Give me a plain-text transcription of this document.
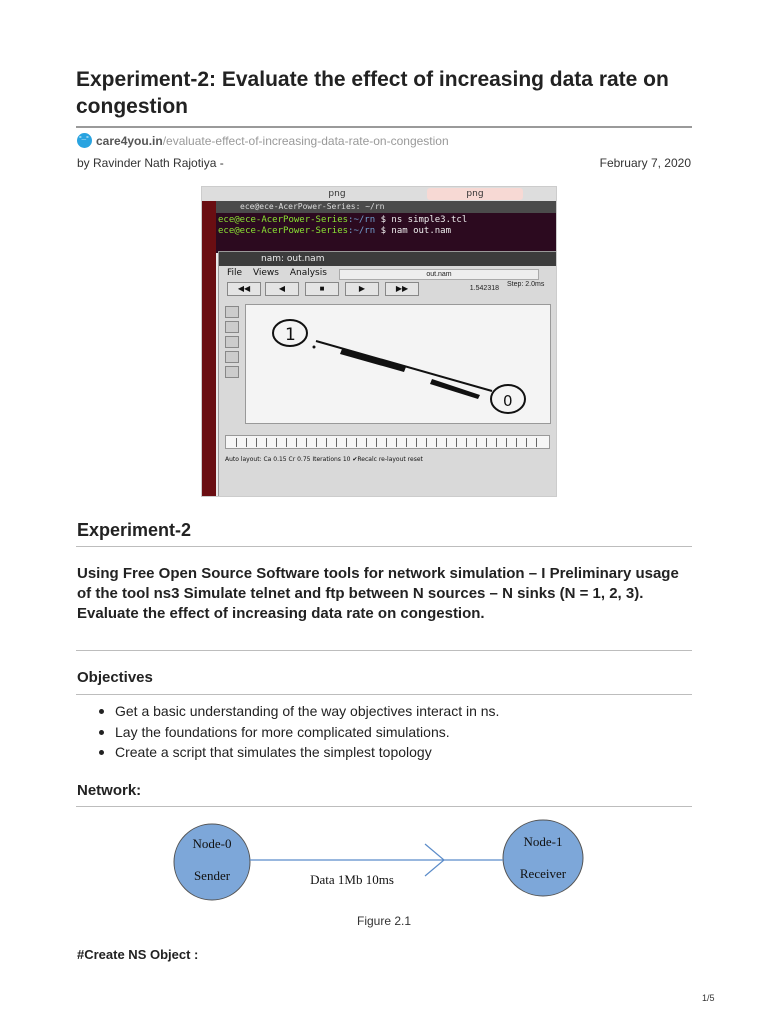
Experiment-2: Evaluate the effect of increasing data rate on congestion
-_-
care4you.in /evaluate-effect-of-increasing-data-rate-on-congestion
by Ravinder Nath Rajotiya -	February 7, 2020
png	png
ece@ece-AcerPower-Series: ~/rn
ece@ece-AcerPower-Series:~/rn $ ns simple3.tcl
ece@ece-AcerPower-Series:~/rn $ nam out.nam
nam: out.nam
File Views Analysis	out.nam
◀◀	◀	■	▶	▶▶	1.542318
Step: 2.0ms
1
0
Auto layout: Ca 0.15 Cr 0.75 Iterations 10 ✔Recalc re-layout reset
Experiment-2
Using Free Open Source Software tools for network simulation – I Preliminary usage of the tool ns3 Simulate telnet and ftp between N sources – N sinks (N = 1, 2, 3). Evaluate the effect of increasing data rate on congestion.
Objectives
Get a basic understanding of the way objectives interact in ns.
Lay the foundations for more complicated simulations.
Create a script that simulates the simplest topology
Network:
Node-0
Sender
Node-1
Receiver
Data 1Mb 10ms
Figure 2.1
#Create NS Object :
1/5
